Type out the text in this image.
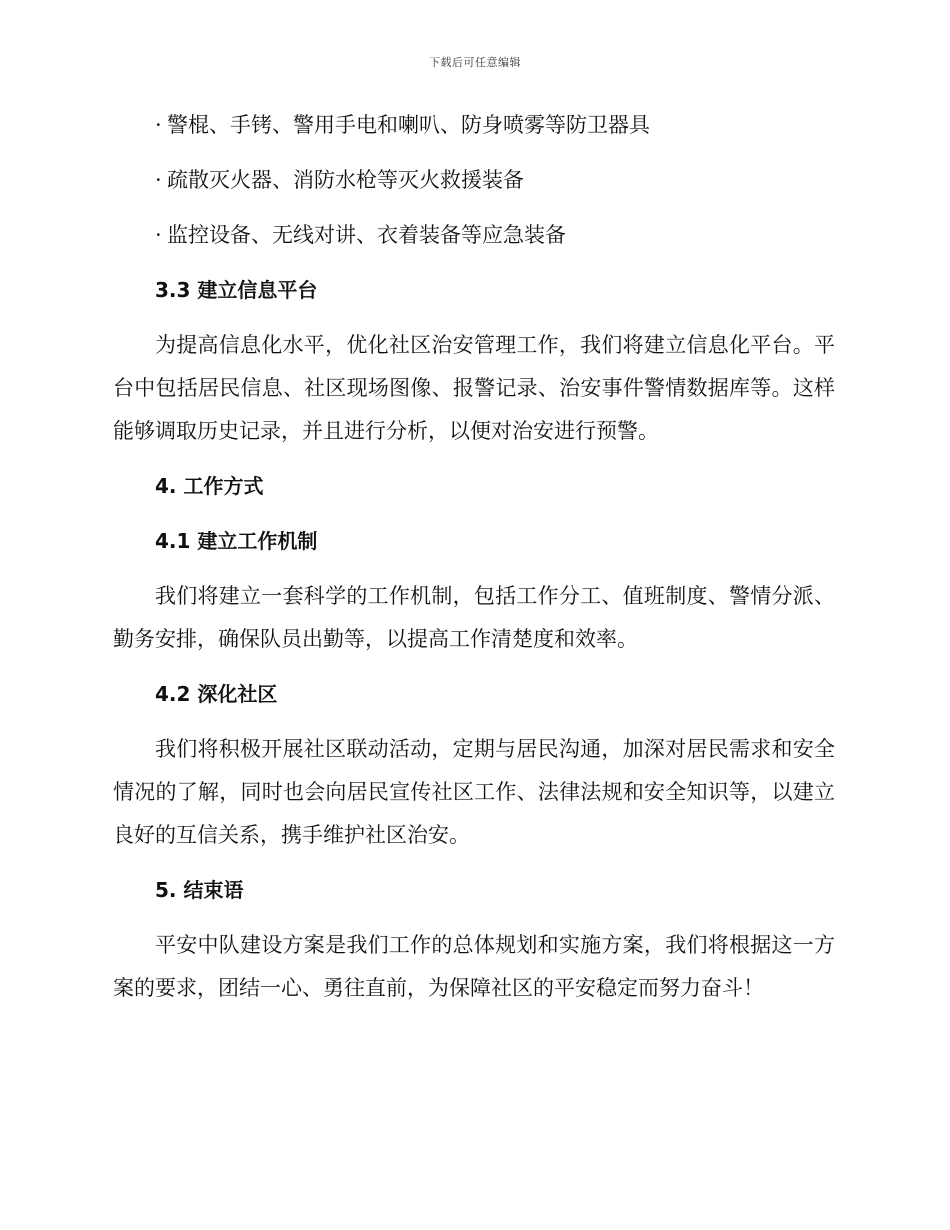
下载后可任意编辑

· 警棍、手铐、警用手电和喇叭、防身喷雾等防卫器具

· 疏散灭火器、消防水枪等灭火救援装备

· 监控设备、无线对讲、衣着装备等应急装备

3.3 建立信息平台

为提高信息化水平，优化社区治安管理工作，我们将建立信息化平台。平台中包括居民信息、社区现场图像、报警记录、治安事件警情数据库等。这样能够调取历史记录，并且进行分析，以便对治安进行预警。

4. 工作方式

4.1 建立工作机制

我们将建立一套科学的工作机制，包括工作分工、值班制度、警情分派、勤务安排，确保队员出勤等，以提高工作清楚度和效率。

4.2 深化社区

我们将积极开展社区联动活动，定期与居民沟通，加深对居民需求和安全情况的了解，同时也会向居民宣传社区工作、法律法规和安全知识等，以建立良好的互信关系，携手维护社区治安。

5. 结束语

平安中队建设方案是我们工作的总体规划和实施方案，我们将根据这一方案的要求，团结一心、勇往直前，为保障社区的平安稳定而努力奋斗！
